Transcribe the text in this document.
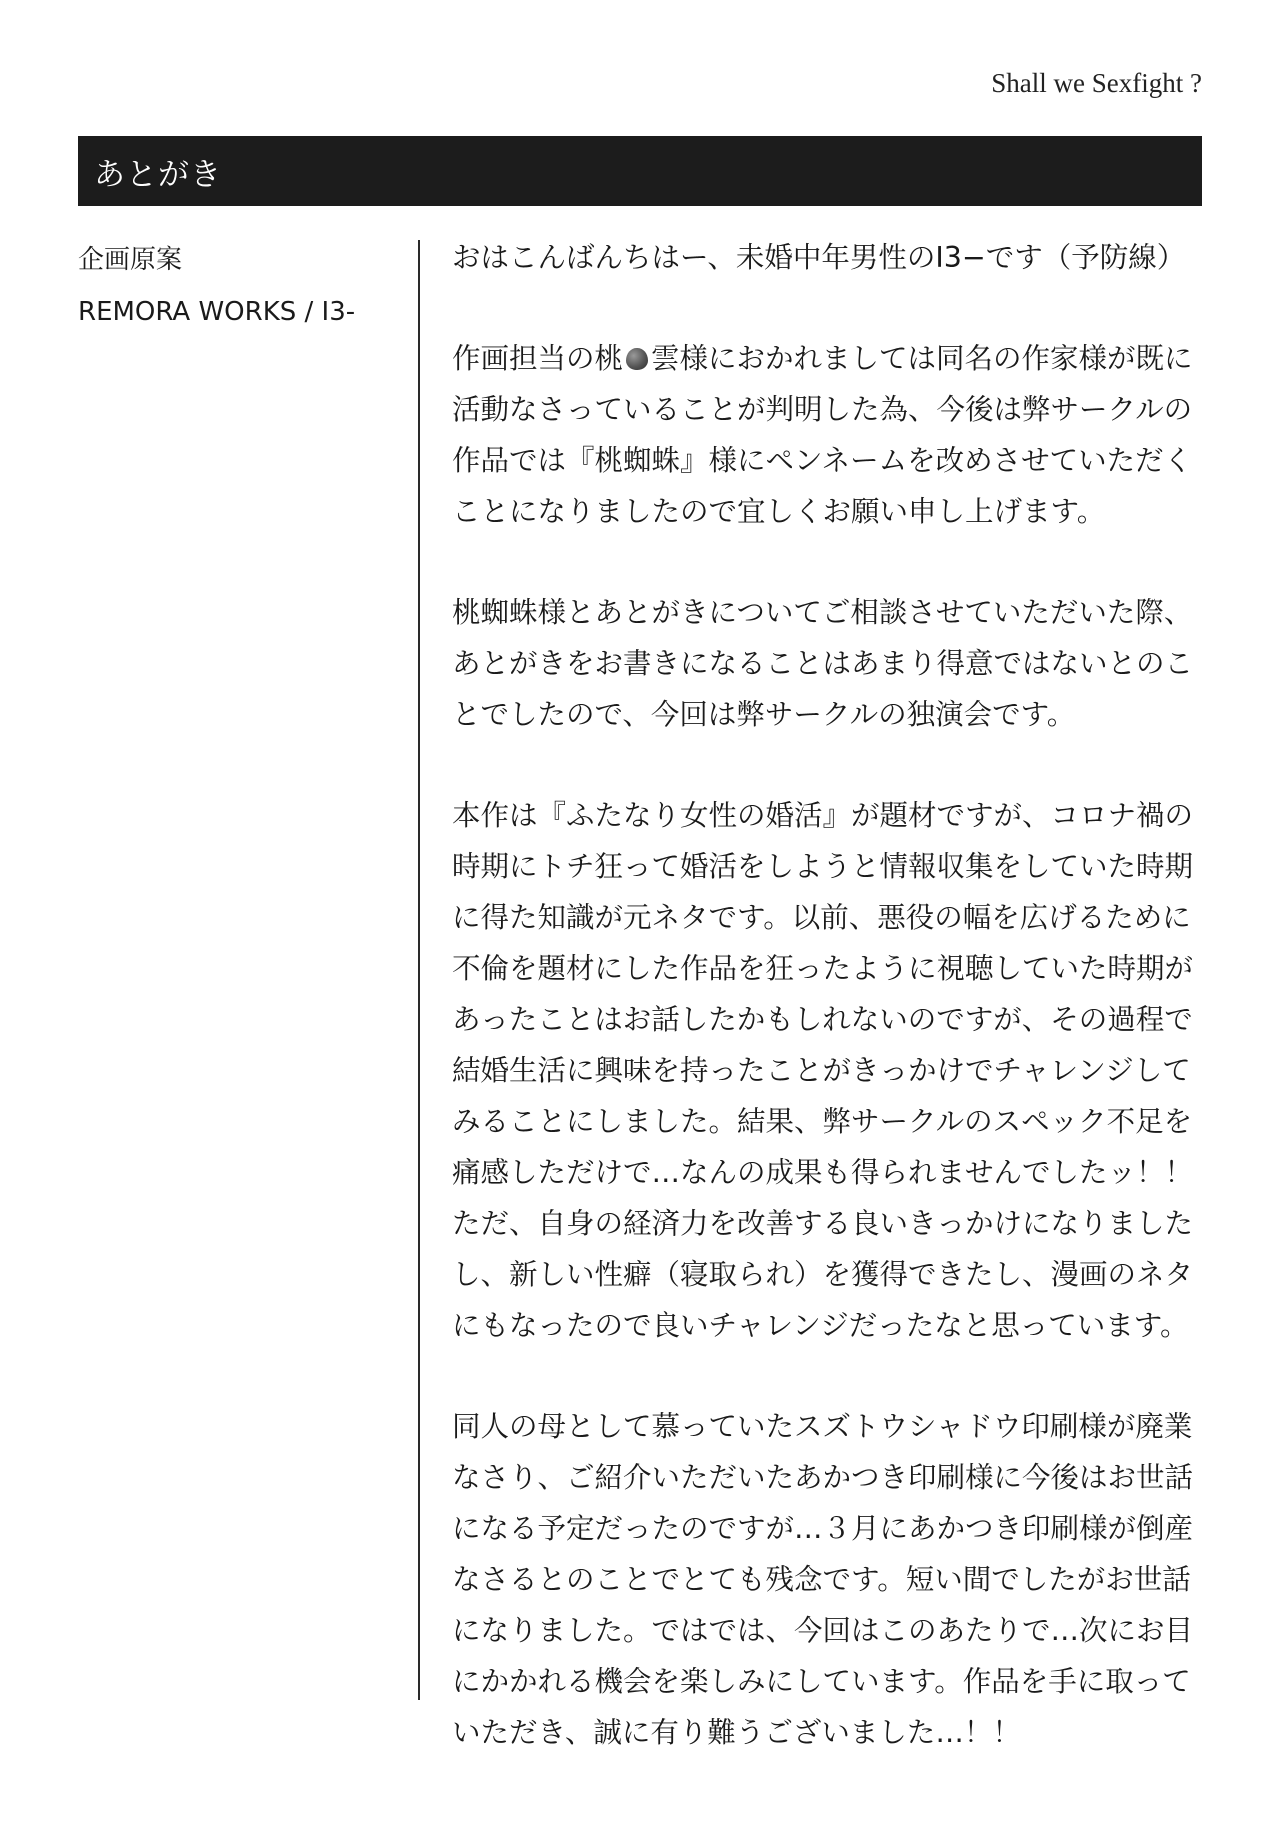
Shall we Sexfight ?
あとがき
企画原案
REMORA WORKS / I3-
おはこんばんちはー、未婚中年男性のI3−です（予防線）
作画担当の桃 雲様におかれましては同名の作家様が既に
活動なさっていることが判明した為、今後は弊サークルの
作品では『桃蜘蛛』様にペンネームを改めさせていただく
ことになりましたので宜しくお願い申し上げます。
桃蜘蛛様とあとがきについてご相談させていただいた際、
あとがきをお書きになることはあまり得意ではないとのこ
とでしたので、今回は弊サークルの独演会です。
本作は『ふたなり女性の婚活』が題材ですが、コロナ禍の
時期にトチ狂って婚活をしようと情報収集をしていた時期
に得た知識が元ネタです。以前、悪役の幅を広げるために
不倫を題材にした作品を狂ったように視聴していた時期が
あったことはお話したかもしれないのですが、その過程で
結婚生活に興味を持ったことがきっかけでチャレンジして
みることにしました。結果、弊サークルのスペック不足を
痛感しただけで…なんの成果も得られませんでしたッ！！
ただ、自身の経済力を改善する良いきっかけになりました
し、新しい性癖（寝取られ）を獲得できたし、漫画のネタ
にもなったので良いチャレンジだったなと思っています。
同人の母として慕っていたスズトウシャドウ印刷様が廃業
なさり、ご紹介いただいたあかつき印刷様に今後はお世話
になる予定だったのですが…３月にあかつき印刷様が倒産
なさるとのことでとても残念です。短い間でしたがお世話
になりました。ではでは、今回はこのあたりで…次にお目
にかかれる機会を楽しみにしています。作品を手に取って
いただき、誠に有り難うございました…！！
